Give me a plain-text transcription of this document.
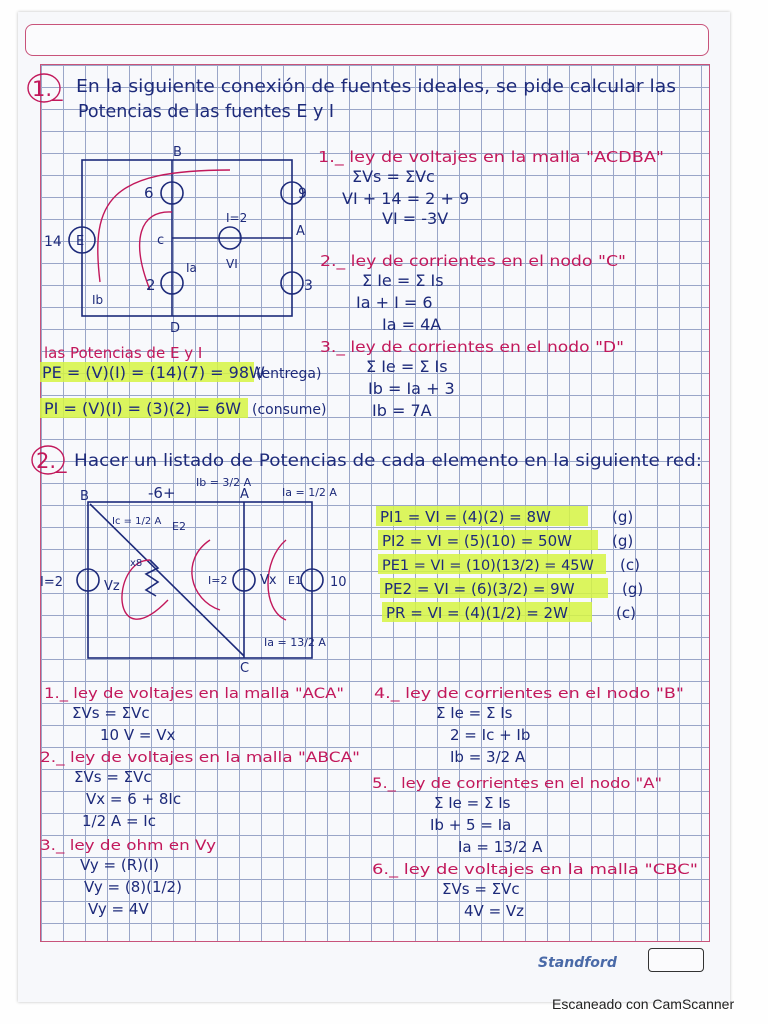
1._ En la siguiente conexión de fuentes ideales, se pide calcular las
Potencias de las fuentes E y I
B
c
A
D
14 E
6	9
2	3
I=2
VI
Ia
Ib
1._ ley de voltajes en la malla "ACDBA"
ΣVs = ΣVc
VI + 14 = 2 + 9
VI = -3V
2._ ley de corrientes en el nodo "C"
Σ Ie = Σ Is
Ia + I = 6
Ia = 4A
3._ ley de corrientes en el nodo "D"
Σ Ie = Σ Is
Ib = Ia + 3
Ib = 7A
las Potencias de E y I
PE = (V)(I) = (14)(7) = 98W
(entrega)
PI = (V)(I) = (3)(2) = 6W (consume)
2._ Hacer un listado de Potencias de cada elemento en la siguiente red:
B	A
C
-6+
Ib = 3/2 A
Ia = 1/2 A
Ic = 1/2 A E2
I=2	Vz	I=2	Vx E1 10
Ia = 13/2 A
x8
PI1 = VI = (4)(2) = 8W	(g)
PI2 = VI = (5)(10) = 50W	(g)
PE1 = VI = (10)(13/2) = 45W (c)
PE2 = VI = (6)(3/2) = 9W	(g)
PR = VI = (4)(1/2) = 2W	(c)
1._ ley de voltajes en la malla "ACA"
ΣVs = ΣVc
10 V = Vx
2._ ley de voltajes en la malla "ABCA"
ΣVs = ΣVc
Vx = 6 + 8Ic
1/2 A = Ic
3._ ley de ohm en Vy
Vy = (R)(I)
Vy = (8)(1/2)
Vy = 4V
4._ ley de corrientes en el nodo "B"
Σ Ie = Σ Is
2 = Ic + Ib
Ib = 3/2 A
5._ ley de corrientes en el nodo "A"
Σ Ie = Σ Is
Ib + 5 = Ia
Ia = 13/2 A
6._ ley de voltajes en la malla "CBC"
ΣVs = ΣVc
4V = Vz
Standford
Escaneado con CamScanner
